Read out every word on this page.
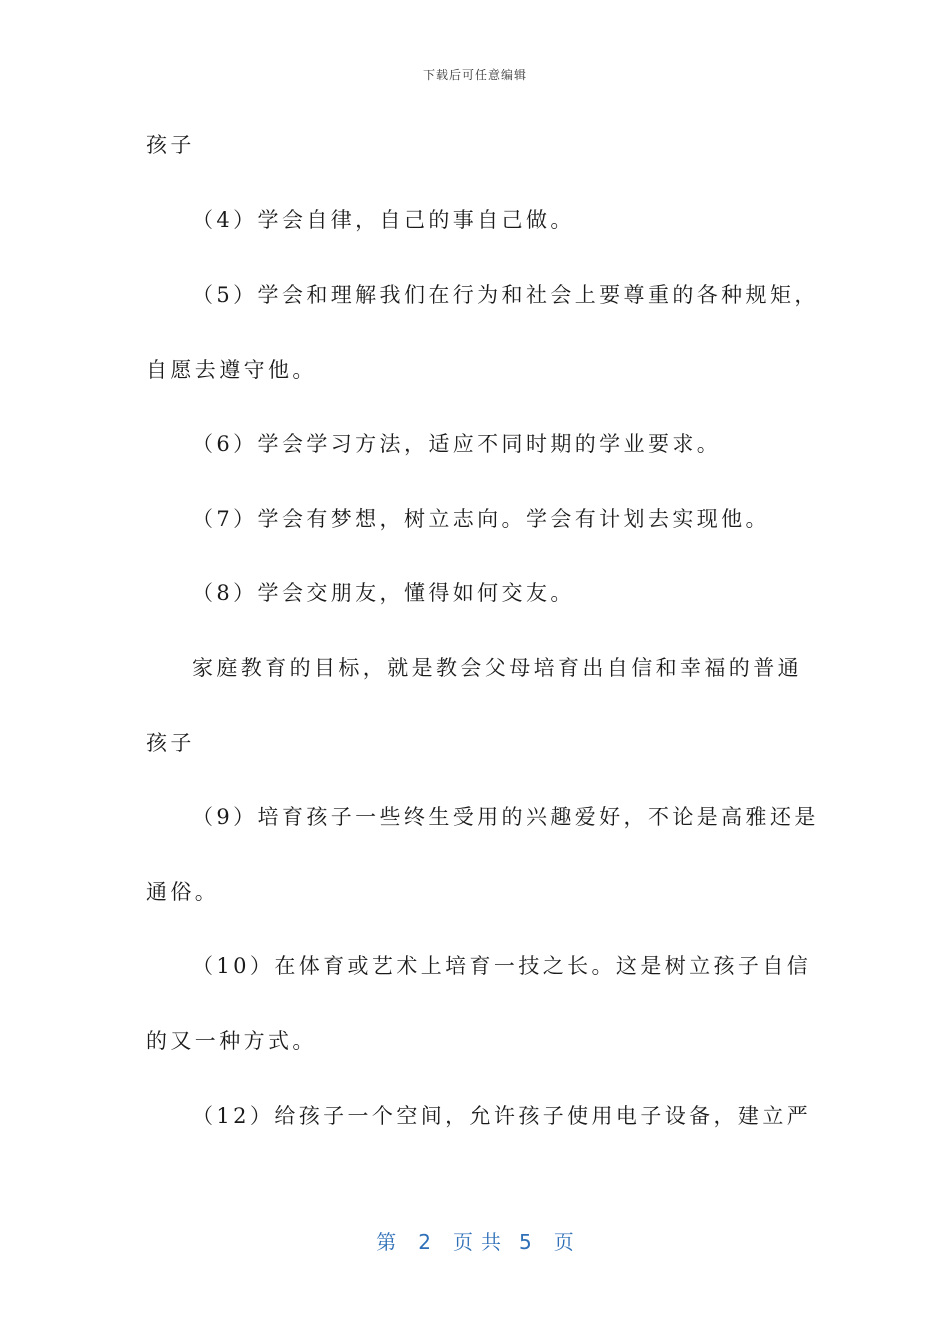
下载后可任意编辑
孩子
（4）学会自律，自己的事自己做。
（5）学会和理解我们在行为和社会上要尊重的各种规矩，
自愿去遵守他。
（6）学会学习方法，适应不同时期的学业要求。
（7）学会有梦想，树立志向。学会有计划去实现他。
（8）学会交朋友，懂得如何交友。
家庭教育的目标，就是教会父母培育出自信和幸福的普通
孩子
（9）培育孩子一些终生受用的兴趣爱好，不论是高雅还是
通俗。
（10）在体育或艺术上培育一技之长。这是树立孩子自信
的又一种方式。
（12）给孩子一个空间，允许孩子使用电子设备，建立严
第 2 页共 5 页
